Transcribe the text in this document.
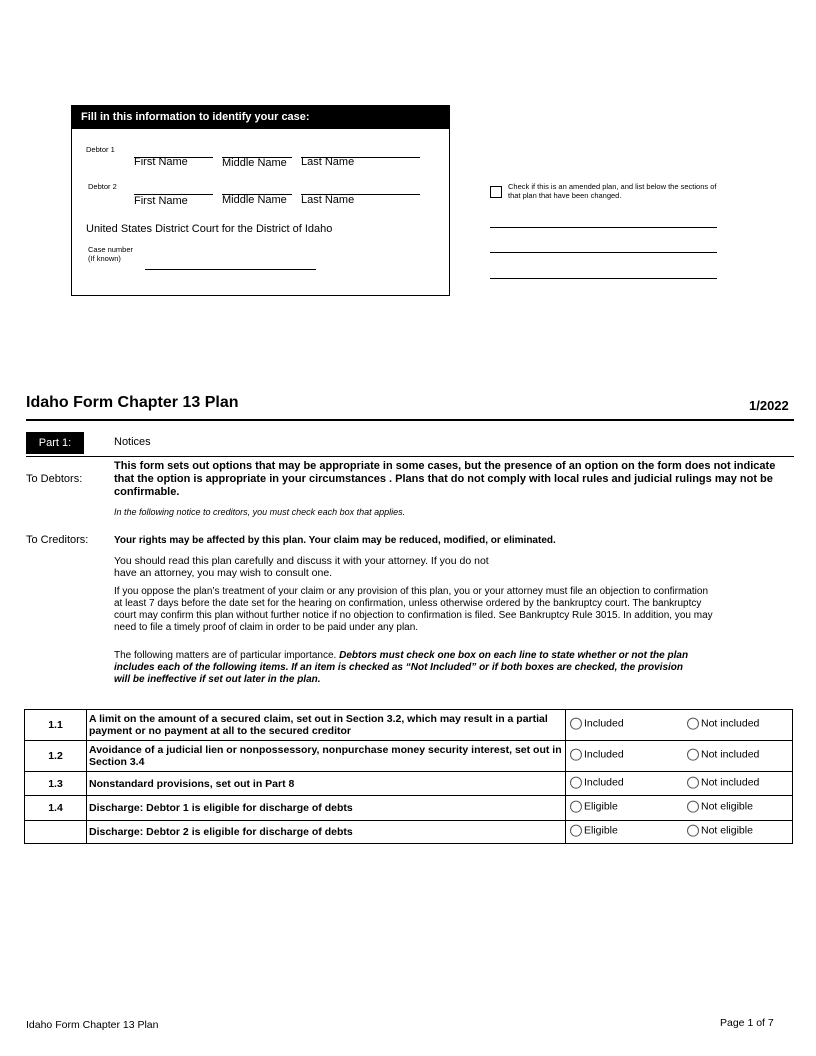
Fill in this information to identify your case:
Debtor 1
First Name	Middle Name Last Name
Debtor 2
First Name	Middle Name Last Name
United States District Court for the District of Idaho
Case number
(If known)
Check if this is an amended plan, and list below the sections of that plan that have been changed.
Idaho Form Chapter 13 Plan	1/2022
Part 1:	Notices
To Debtors:
This form sets out options that may be appropriate in some cases, but the presence of an option on the form does not indicate that the option is appropriate in your circumstances . Plans that do not comply with local rules and judicial rulings may not be confirmable.
In the following notice to creditors, you must check each box that applies.
To Creditors:	Your rights may be affected by this plan. Your claim may be reduced, modified, or eliminated.
You should read this plan carefully and discuss it with your attorney. If you do not have an attorney, you may wish to consult one.
If you oppose the plan’s treatment of your claim or any provision of this plan, you or your attorney must file an objection to confirmation at least 7 days before the date set for the hearing on confirmation, unless otherwise ordered by the bankruptcy court. The bankruptcy court may confirm this plan without further notice if no objection to confirmation is filed. See Bankruptcy Rule 3015. In addition, you may need to file a timely proof of claim in order to be paid under any plan.
The following matters are of particular importance. Debtors must check one box on each line to state whether or not the plan includes each of the following items. If an item is checked as “Not Included” or if both boxes are checked, the provision will be ineffective if set out later in the plan.
1.1	A limit on the amount of a secured claim, set out in Section 3.2, which may result in a partial payment or no payment at all to the secured creditor	Included Not included

1.2	Avoidance of a judicial lien or nonpossessory, nonpurchase money security interest, set out in Section 3.4	Included Not included

1.3	Nonstandard provisions, set out in Part 8	Included Not included

1.4	Discharge: Debtor 1 is eligible for discharge of debts	Eligible Not eligible

	Discharge: Debtor 2 is eligible for discharge of debts	Eligible Not eligible
Idaho Form Chapter 13 Plan	Page 1 of 7
